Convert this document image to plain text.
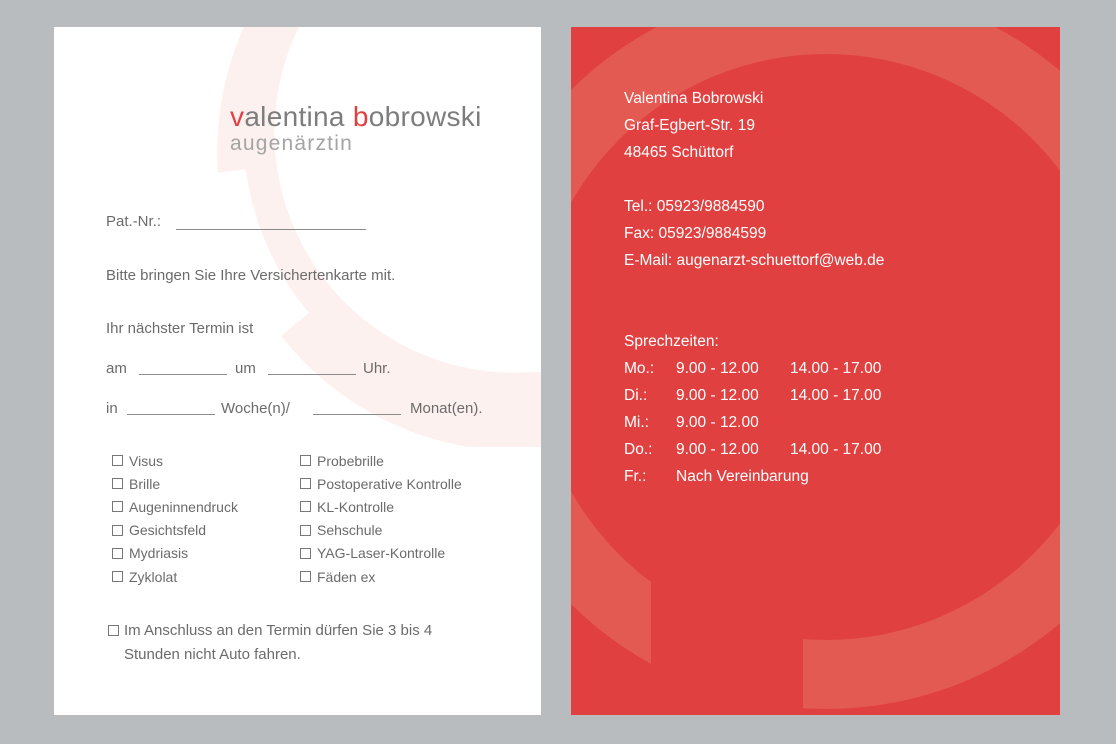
valentina bobrowski
augenärztin
Pat.-Nr.:
Bitte bringen Sie Ihre Versichertenkarte mit.
Ihr nächster Termin ist
am	um	Uhr.
in	Woche(n)/	Monat(en).
Visus
Brille
Augeninnendruck
Gesichtsfeld
Mydriasis
Zyklolat
Probebrille
Postoperative Kontrolle
KL-Kontrolle
Sehschule
YAG-Laser-Kontrolle
Fäden ex
Im Anschluss an den Termin dürfen Sie 3 bis 4
Stunden nicht Auto fahren.
Valentina Bobrowski
Graf-Egbert-Str. 19
48465 Schüttorf
Tel.: 05923/9884590
Fax: 05923/9884599
E-Mail: augenarzt-schuettorf@web.de
Sprechzeiten:
Mo.: 9.00 - 12.00 14.00 - 17.00
Di.: 9.00 - 12.00 14.00 - 17.00
Mi.: 9.00 - 12.00
Do.: 9.00 - 12.00 14.00 - 17.00
Fr.: Nach Vereinbarung
